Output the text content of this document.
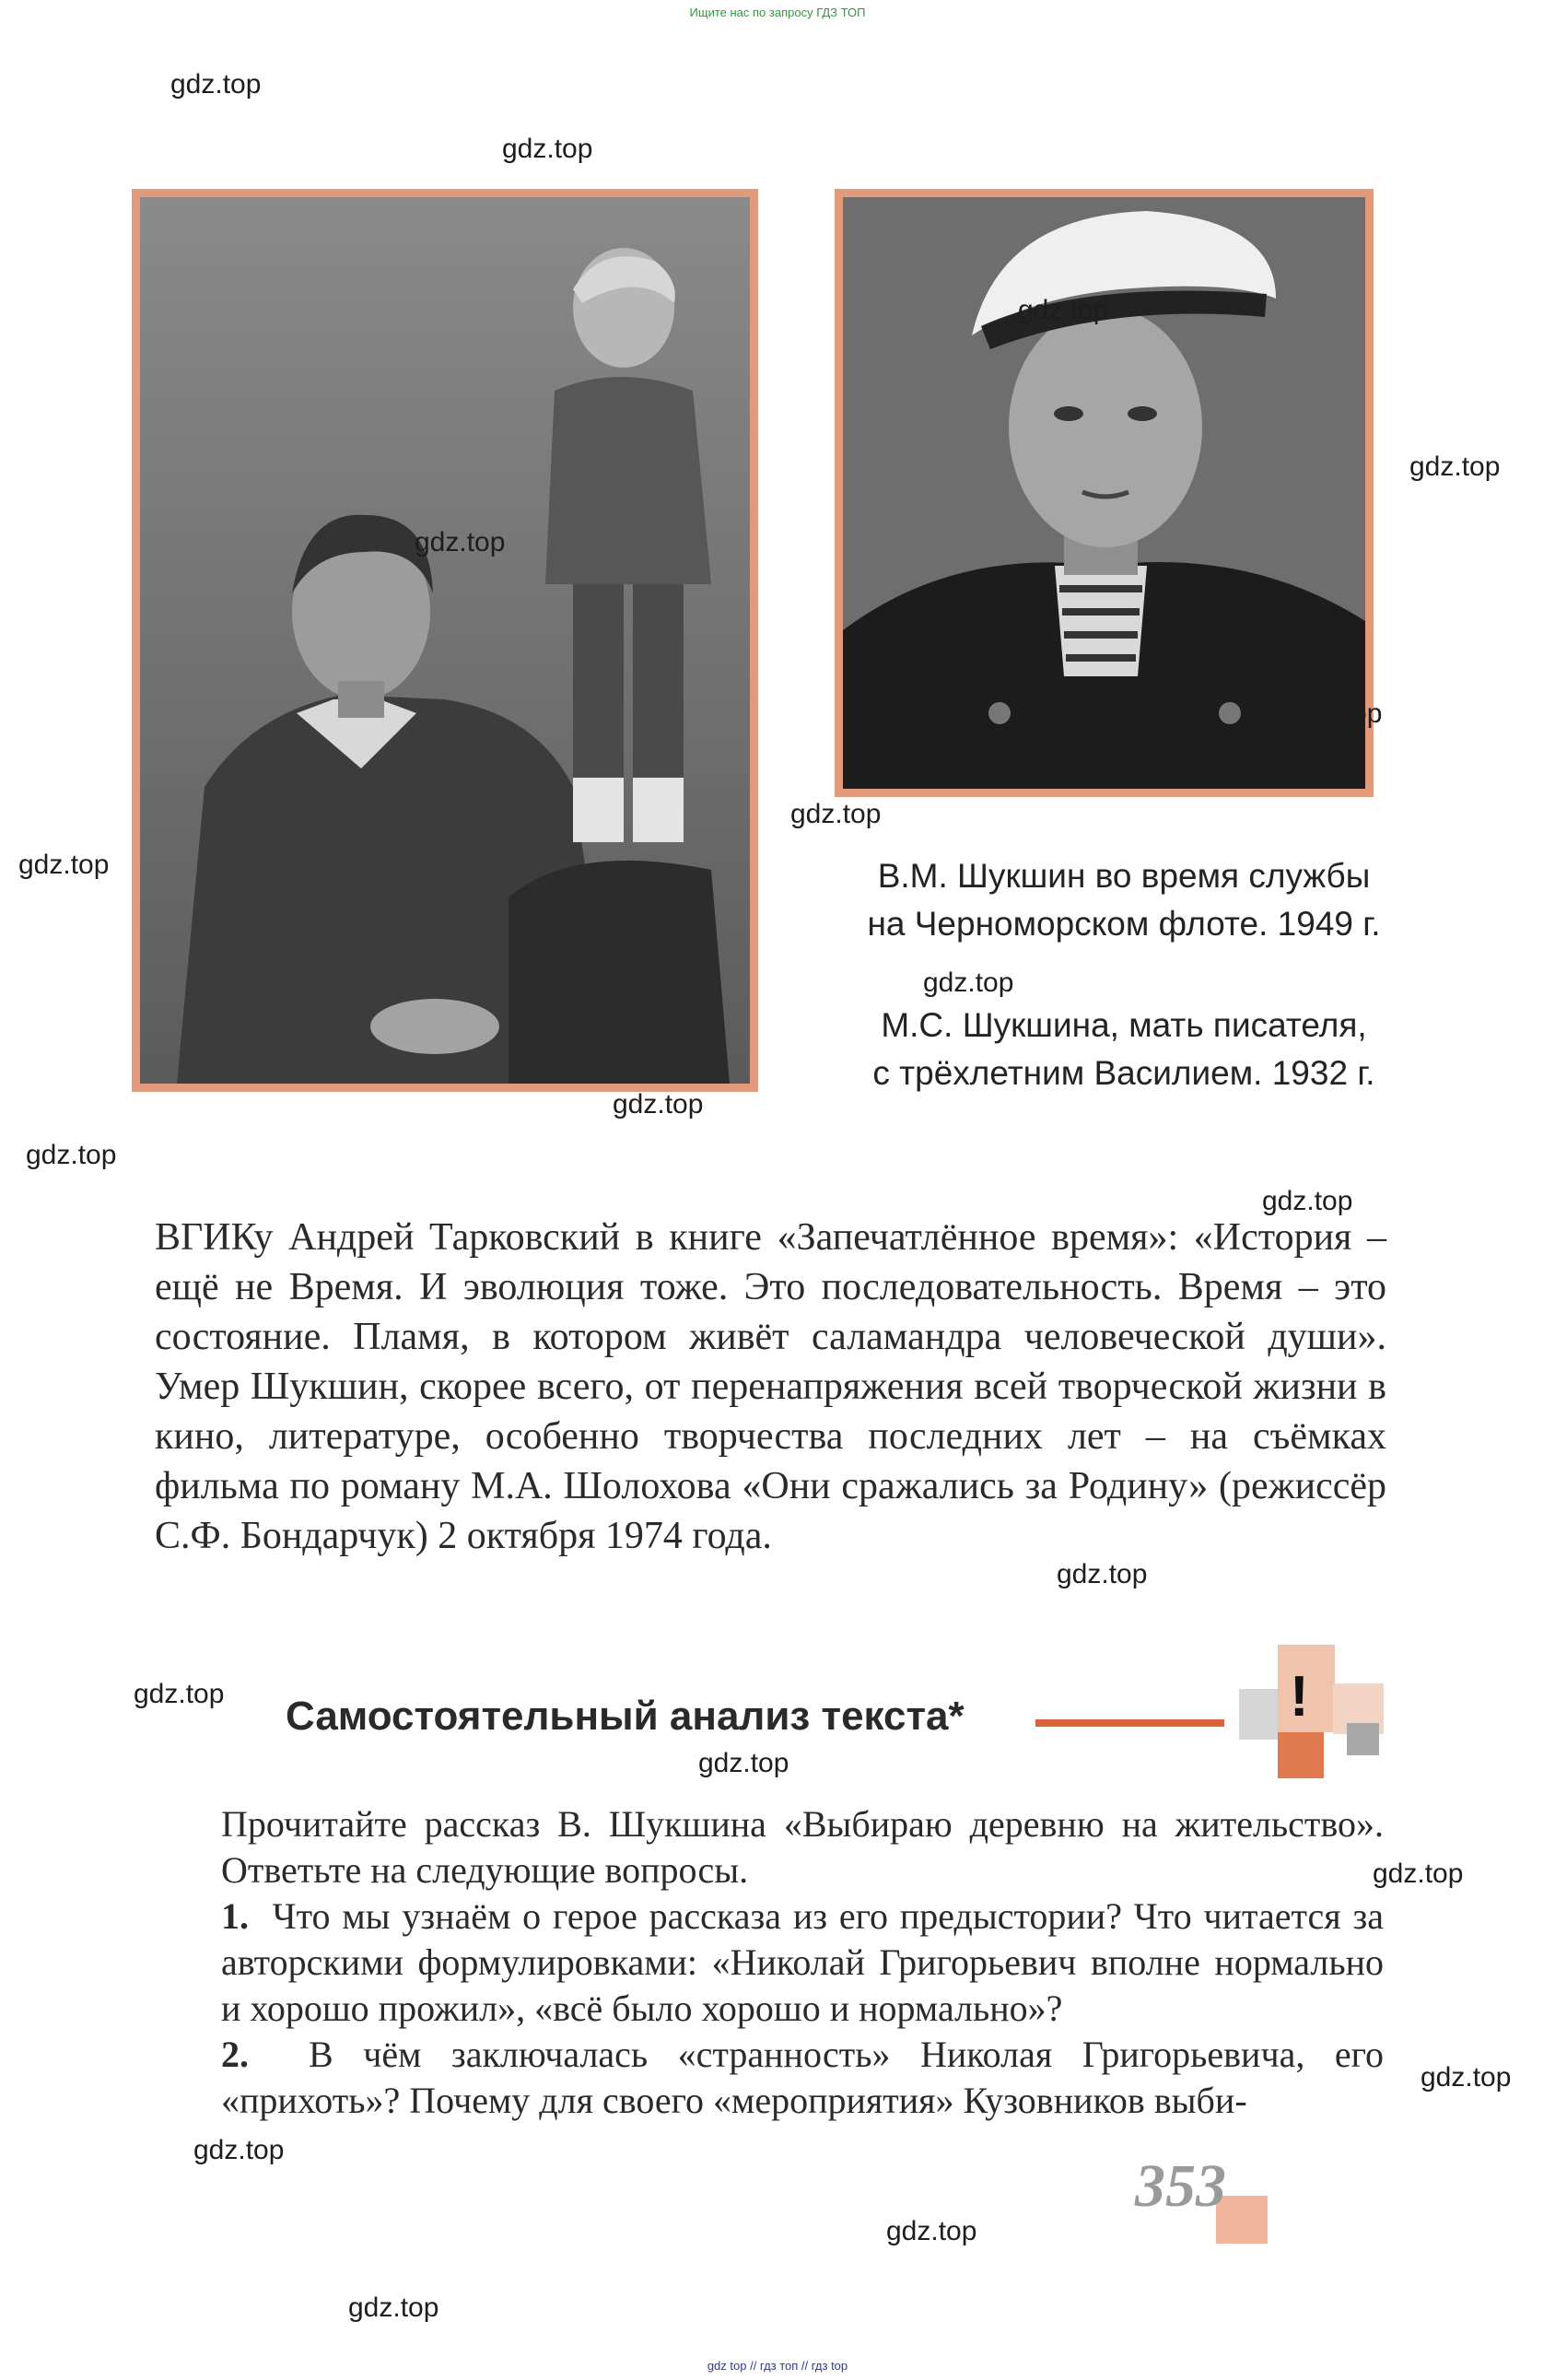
Ищите нас по запросу ГДЗ ТОП
В.М. Шукшин во время службы
на Черноморском флоте. 1949 г.
М.С. Шукшина, мать писателя,
с трёхлетним Василием. 1932 г.

ВГИКу Андрей Тарковский в книге «Запечатлённое время»: «История – ещё не Время. И эволюция тоже. Это последовательность. Время – это состояние. Пламя, в котором живёт саламандра человеческой души». Умер Шукшин, скорее всего, от перенапряжения всей творческой жизни в кино, литературе, особенно творчества последних лет – на съёмках фильма по роману М.А. Шолохова «Они сражались за Родину» (режиссёр С.Ф. Бондарчук) 2 октября 1974 года.

Самостоятельный анализ текста*	!

Прочитайте рассказ В. Шукшина «Выбираю деревню на жительство». Ответьте на следующие вопросы.

1. Что мы узнаём о герое рассказа из его предыстории? Что читается за авторскими формулировками: «Николай Григорьевич вполне нормально и хорошо прожил», «всё было хорошо и нормально»?

2. В чём заключалась «странность» Николая Григорьевича, его «прихоть»? Почему для своего «мероприятия» Кузовников выби-

353
gdz.top
gdz.top
gdz.top
gdz.top
gdz.top
gdz.top
gdz.top
gdz.top
gdz.top
gdz.top
gdz.top
gdz.top
gdz.top
gdz.top
gdz.top
gdz.top
gdz.top
gdz.top
gdz.top
gdz.top
gdz top // гдз топ // гдз top
